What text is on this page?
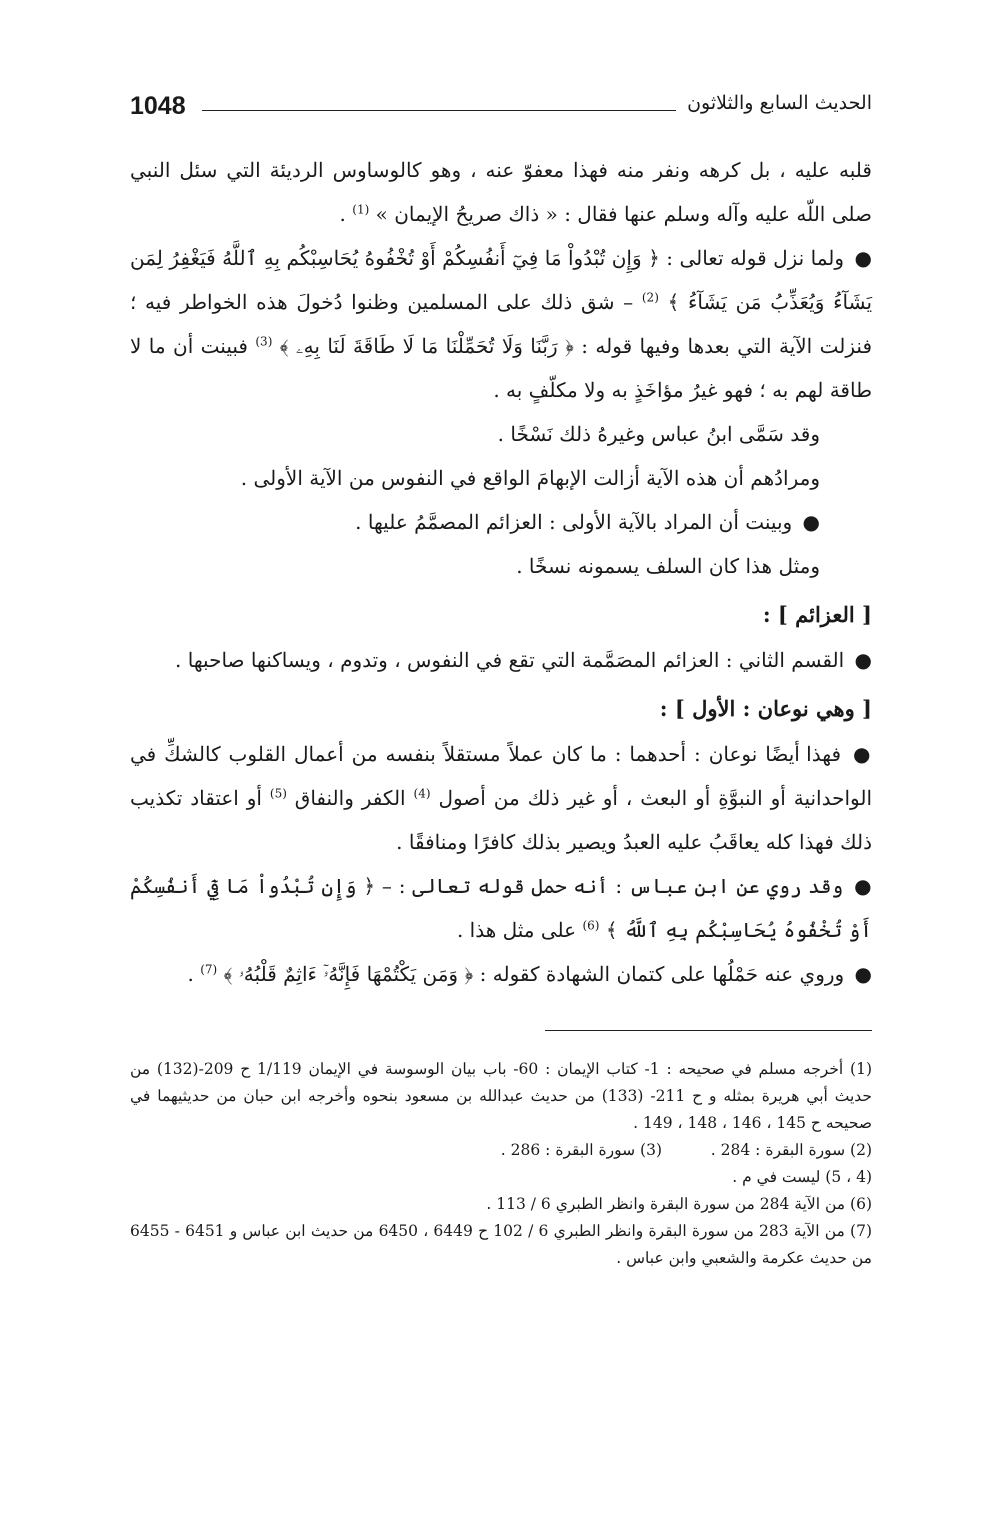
1048	الحديث السابع والثلاثون

قلبه عليه ، بل كرهه ونفر منه فهذا معفوّ عنه ، وهو كالوساوس الرديئة التي سئل النبي صلى اللّه عليه وآله وسلم عنها فقال : « ذاك صريحُ الإيمان » $^{(1)}$ .

● ولما نزل قوله تعالى : ﴿ وَإِن تُبْدُواْ مَا فِيٓ أَنفُسِكُمْ أَوْ تُخْفُوهُ يُحَاسِبْكُم بِهِ ٱللَّهُ فَيَغْفِرُ لِمَن يَشَآءُ وَيُعَذِّبُ مَن يَشَآءُ ﴾ $^{(2)}$ – شق ذلك على المسلمين وظنوا دُخولَ هذه الخواطر فيه ؛ فنزلت الآية التي بعدها وفيها قوله : ﴿ رَبَّنَا وَلَا تُحَمِّلْنَا مَا لَا طَاقَةَ لَنَا بِهِۦ ﴾ $^{(3)}$ فبينت أن ما لا طاقة لهم به ؛ فهو غيرُ مؤاخَذٍ به ولا مكلّفٍ به .

وقد سَمَّى ابنُ عباس وغيرهُ ذلك نَسْخًا .

ومرادُهم أن هذه الآية أزالت الإبهامَ الواقع في النفوس من الآية الأولى .

● وبينت أن المراد بالآية الأولى : العزائم المصمَّمُ عليها .

ومثل هذا كان السلف يسمونه نسخًا .

[ العزائم ] :

● القسم الثاني : العزائم المصَمَّمة التي تقع في النفوس ، وتدوم ، ويساكنها صاحبها .

[ وهي نوعان : الأول ] :

● فهذا أيضًا نوعان : أحدهما : ما كان عملاً مستقلاً بنفسه من أعمال القلوب كالشكِّ في الواحدانية أو النبوَّةِ أو البعث ، أو غير ذلك من أصول $^{(4)}$ الكفر والنفاق $^{(5)}$ أو اعتقاد تكذيب ذلك فهذا كله يعاقَبُ عليه العبدُ ويصير بذلك كافرًا ومنافقًا .

● وقد روي عن ابن عباس : أنه حمل قوله تعالى : – ﴿ وَإِن تُبْدُواْ مَا فِيٓ أَنفُسِكُمْ أَوْ تُخْفُوهُ يُحَاسِبْكُم بِهِ ٱللَّهُ ﴾ $^{(6)}$ على مثل هذا .

● وروي عنه حَمْلُها على كتمان الشهادة كقوله : ﴿ وَمَن يَكْتُمْهَا فَإِنَّهُۥٓ ءَاثِمٌ قَلْبُهُۥ ﴾ $^{(7)}$ .

(1) أخرجه مسلم في صحيحه : 1- كتاب الإيمان : 60- باب بيان الوسوسة في الإيمان 1/119 ح 209-(132) من حديث أبي هريرة بمثله و ح 211- (133) من حديث عبدالله بن مسعود بنحوه وأخرجه ابن حبان من حديثيهما في صحيحه ح 145 ، 146 ، 148 ، 149 .

(2) سورة البقرة : 284 .
(3) سورة البقرة : 286 .

(4 ، 5) ليست في م .

(6) من الآية 284 من سورة البقرة وانظر الطبري 6 / 113 .

(7) من الآية 283 من سورة البقرة وانظر الطبري 6 / 102 ح 6449 ، 6450 من حديث ابن عباس و 6451 - 6455 من حديث عكرمة والشعبي وابن عباس .
